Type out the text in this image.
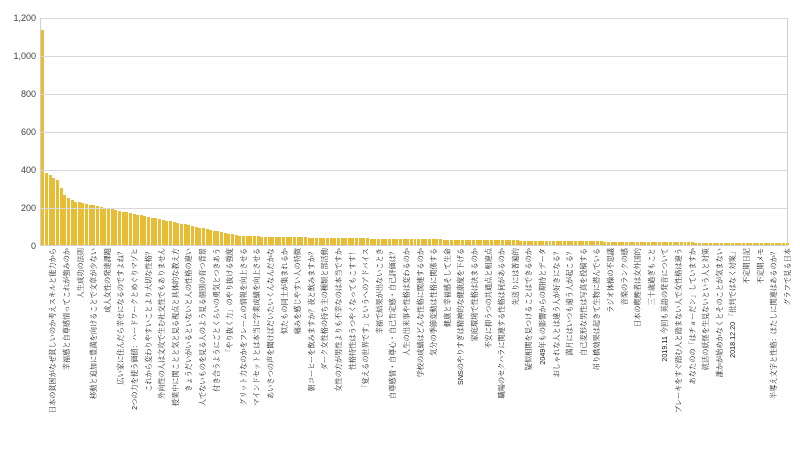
0
200
400
600
800
1,000
1,200
日本の貧困がなぜ貧しいのか考えスキルと能力から 幸福感と自尊感情ってこれが強みのか 人生成功の法則 移動と追加に豊満を向けることで文章が少ない 成人女性の発達課題 広い家に住んだら幸せになるのですよね？ 2つの力を使う価値：ハードワークとめぐりマゾヒ これから変わりやすいことより大切な性格？ 外向性の人は文攻で生む社交性でもありません 授業中に関ことと気と見る視点と具体的な教え方 きょうだいがいるといないと人の性格の違い 人でないものを見る人のよう見る個別の育つ背景 付き合うようにごとくらいの勇気とつきあう 「やり抜く力」のやり抜ける強度 グリット力なのかをフレームの情報を向上させる マインドセットとは本当に学業成績を向上させる あいさつの声を聞けばだいたいくんなんだかな 似たもの同士が集まれるか 痛みを感じやすい人の特徴 朝コーヒーを飲みますか？夜と飲みますか？ ダーク女性格の持ち主の種類と部活動 女性の方が男性よりも不幸なのは本当ですか 性格特性はうつやくなってもこすす！ 「覚えるの世界です」というへのアドバイス 幸福で結果が出ないことき 自尊感情・自尊心・自己肯定感・自己評価は？ 人生の出来事や性格は変わるのか 学校の成績はどんな性格に関連するのか 気分の季節変動は性格に関係する 健康と幸福感そして生命 SNSのやりすぎは精神的な健康度を下げる 家庭環境で性格は決まるのか 不安に抑うつの共通点と相違点 職場のセクハラに関連する性格は何があるのか 先送りには普遍的 疑似相関を見つけることはできるのか 2049年もの影響からの期待とデータ おしゃれな人とは違う人が好きになる？ 満月にはいつも遠う人が起こる？ 自己変形な男性は写真を投稿する 吊り橋効果は起きて生物に潜んでいる ラジオ体操の不思議 音楽のランクの感 日本の喫煙者は女外国的 三十歳過ぎもこと 2019.11 今回も英語の発音について ブレーキをすぐ踏む人と踏まない人で女性格は違う あなたのの「はチョーだン」していますか 就活の妖怪を生見ないという人と対策 誰かが始めかなくとそのことが気まない 2018.12.20 「批判ではなく対案」 不定期日記 不定期メモ 半導え文字と性格：ほたしに関連はあるのか？ グラフで見る日本
